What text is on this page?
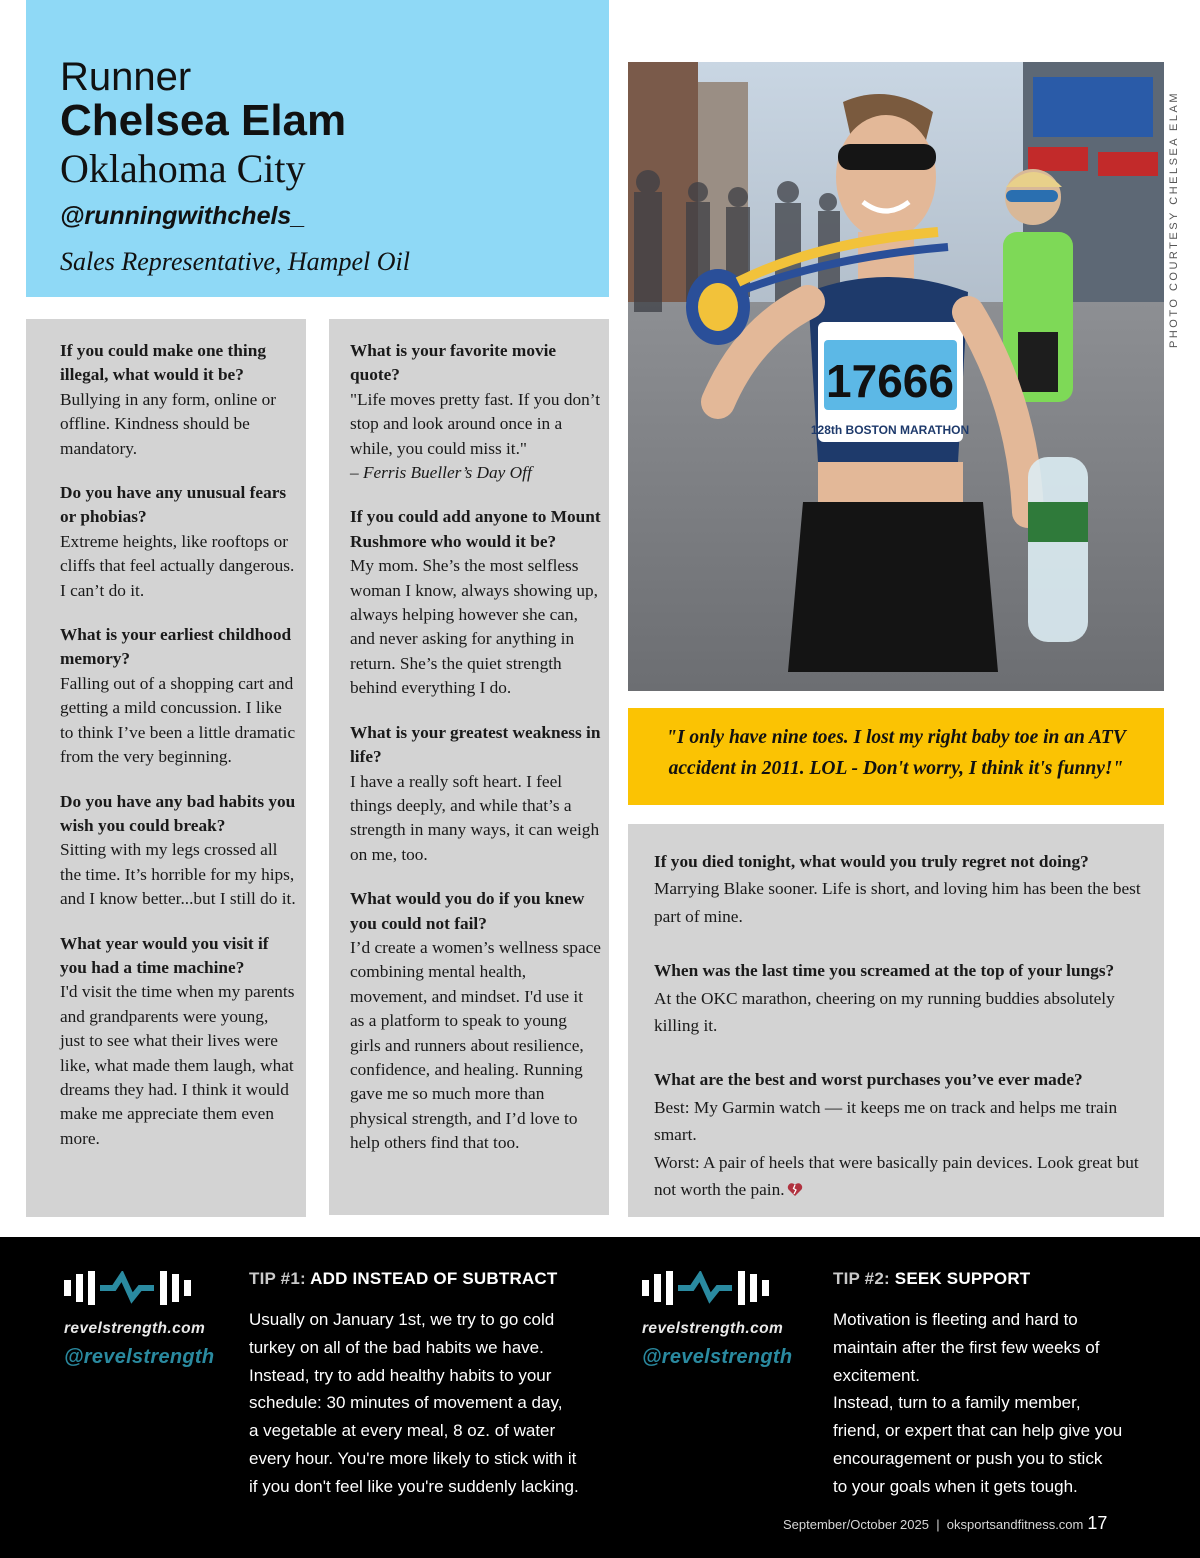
Runner
Chelsea Elam
Oklahoma City
@runningwithchels_
Sales Representative, Hampel Oil
If you could make one thing illegal, what would it be?
Bullying in any form, online or offline. Kindness should be mandatory.
Do you have any unusual fears or phobias?
Extreme heights, like rooftops or cliffs that feel actually dangerous. I can’t do it.
What is your earliest childhood memory?
Falling out of a shopping cart and getting a mild concussion. I like to think I’ve been a little dramatic from the very beginning.
Do you have any bad habits you wish you could break?
Sitting with my legs crossed all the time. It’s horrible for my hips, and I know better...but I still do it.
What year would you visit if you had a time machine?
I'd visit the time when my parents and grandparents were young, just to see what their lives were like, what made them laugh, what dreams they had. I think it would make me appreciate them even more.
What is your favorite movie quote?
"Life moves pretty fast. If you don’t stop and look around once in a while, you could miss it."
– Ferris Bueller’s Day Off
If you could add anyone to Mount Rushmore who would it be?
My mom. She’s the most selfless woman I know, always showing up, always helping however she can, and never asking for anything in return. She’s the quiet strength behind everything I do.
What is your greatest weakness in life?
I have a really soft heart. I feel things deeply, and while that’s a strength in many ways, it can weigh on me, too.
What would you do if you knew you could not fail?
I’d create a women’s wellness space combining mental health, movement, and mindset. I'd use it as a platform to speak to young girls and runners about resilience, confidence, and healing. Running gave me so much more than physical strength, and I’d love to help others find that too.
17666
128th BOSTON MARATHON
PHOTO COURTESY CHELSEA ELAM
"I only have nine toes. I lost my right baby toe in an ATV accident in 2011. LOL - Don't worry, I think it's funny!"
If you died tonight, what would you truly regret not doing?
Marrying Blake sooner. Life is short, and loving him has been the best part of mine.
When was the last time you screamed at the top of your lungs?
At the OKC marathon, cheering on my running buddies absolutely killing it.
What are the best and worst purchases you’ve ever made?
Best: My Garmin watch — it keeps me on track and helps me train smart.
Worst: A pair of heels that were basically pain devices. Look great but not worth the pain.
revelstrength.com
@revelstrength
TIP #1: ADD INSTEAD OF SUBTRACT
Usually on January 1st, we try to go cold
turkey on all of the bad habits we have.
Instead, try to add healthy habits to your
schedule: 30 minutes of movement a day,
a vegetable at every meal, 8 oz. of water
every hour. You're more likely to stick with it
if you don't feel like you're suddenly lacking.
revelstrength.com
@revelstrength
TIP #2: SEEK SUPPORT
Motivation is fleeting and hard to
maintain after the first few weeks of
excitement.
Instead, turn to a family member,
friend, or expert that can help give you
encouragement or push you to stick
to your goals when it gets tough.
September/October 2025  |  oksportsandfitness.com 17
